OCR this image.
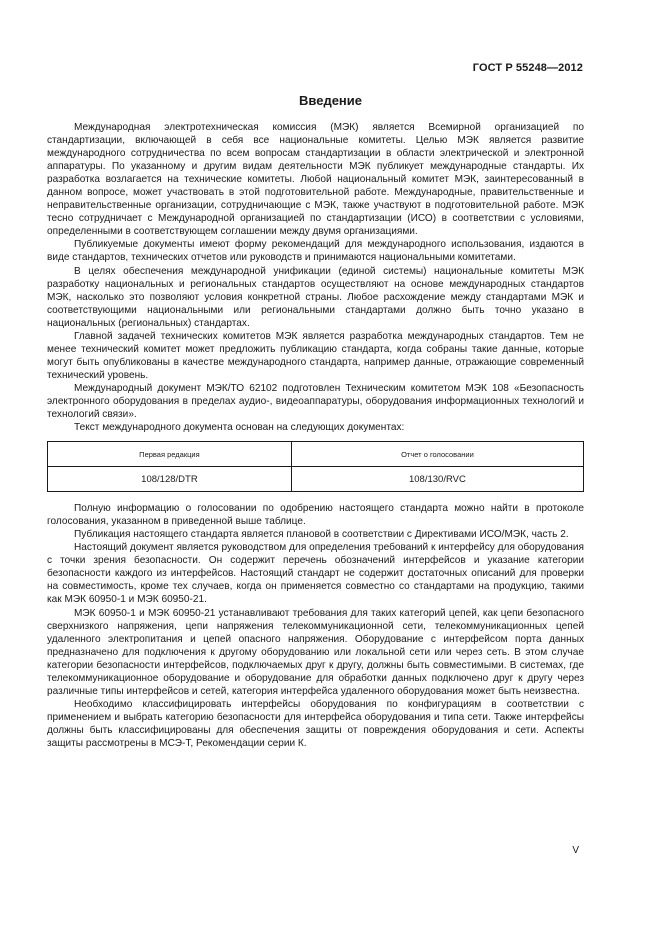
ГОСТ Р 55248—2012
Введение

Международная электротехническая комиссия (МЭК) является Всемирной организацией по стандартизации, включающей в себя все национальные комитеты. Целью МЭК является развитие международного сотрудничества по всем вопросам стандартизации в области электрической и электронной аппаратуры. По указанному и другим видам деятельности МЭК публикует международные стандарты. Их разработка возлагается на технические комитеты. Любой национальный комитет МЭК, заинтересованный в данном вопросе, может участвовать в этой подготовительной работе. Международные, правительственные и неправительственные организации, сотрудничающие с МЭК, также участвуют в подготовительной работе. МЭК тесно сотрудничает с Международной организацией по стандартизации (ИСО) в соответствии с условиями, определенными в соответствующем соглашении между двумя организациями.

Публикуемые документы имеют форму рекомендаций для международного использования, издаются в виде стандартов, технических отчетов или руководств и принимаются национальными комитетами.

В целях обеспечения международной унификации (единой системы) национальные комитеты МЭК разработку национальных и региональных стандартов осуществляют на основе международных стандартов МЭК, насколько это позволяют условия конкретной страны. Любое расхождение между стандартами МЭК и соответствующими национальными или региональными стандартами должно быть точно указано в национальных (региональных) стандартах.

Главной задачей технических комитетов МЭК является разработка международных стандартов. Тем не менее технический комитет может предложить публикацию стандарта, когда собраны такие данные, которые могут быть опубликованы в качестве международного стандарта, например данные, отражающие современный технический уровень.

Международный документ МЭК/ТО 62102 подготовлен Техническим комитетом МЭК 108 «Безопасность электронного оборудования в пределах аудио-, видеоаппаратуры, оборудования информационных технологий и технологий связи».

Текст международного документа основан на следующих документах:

Первая редакция	Отчет о голосовании
108/128/DTR	108/130/RVC

Полную информацию о голосовании по одобрению настоящего стандарта можно найти в протоколе голосования, указанном в приведенной выше таблице.

Публикация настоящего стандарта является плановой в соответствии с Директивами ИСО/МЭК, часть 2.

Настоящий документ является руководством для определения требований к интерфейсу для оборудования с точки зрения безопасности. Он содержит перечень обозначений интерфейсов и указание категории безопасности каждого из интерфейсов. Настоящий стандарт не содержит достаточных описаний для проверки на совместимость, кроме тех случаев, когда он применяется совместно со стандартами на продукцию, такими как МЭК 60950-1 и МЭК 60950-21.

МЭК 60950-1 и МЭК 60950-21 устанавливают требования для таких категорий цепей, как цепи безопасного сверхнизкого напряжения, цепи напряжения телекоммуникационной сети, телекоммуникационных цепей удаленного электропитания и цепей опасного напряжения. Оборудование с интерфейсом порта данных предназначено для подключения к другому оборудованию или локальной сети или через сеть. В этом случае категории безопасности интерфейсов, подключаемых друг к другу, должны быть совместимыми. В системах, где телекоммуникационное оборудование и оборудование для обработки данных подключено друг к другу через различные типы интерфейсов и сетей, категория интерфейса удаленного оборудования может быть неизвестна.

Необходимо классифицировать интерфейсы оборудования по конфигурациям в соответствии с применением и выбрать категорию безопасности для интерфейса оборудования и типа сети. Также интерфейсы должны быть классифицированы для обеспечения защиты от повреждения оборудования и сети. Аспекты защиты рассмотрены в МСЭ-Т, Рекомендации серии К.

V
